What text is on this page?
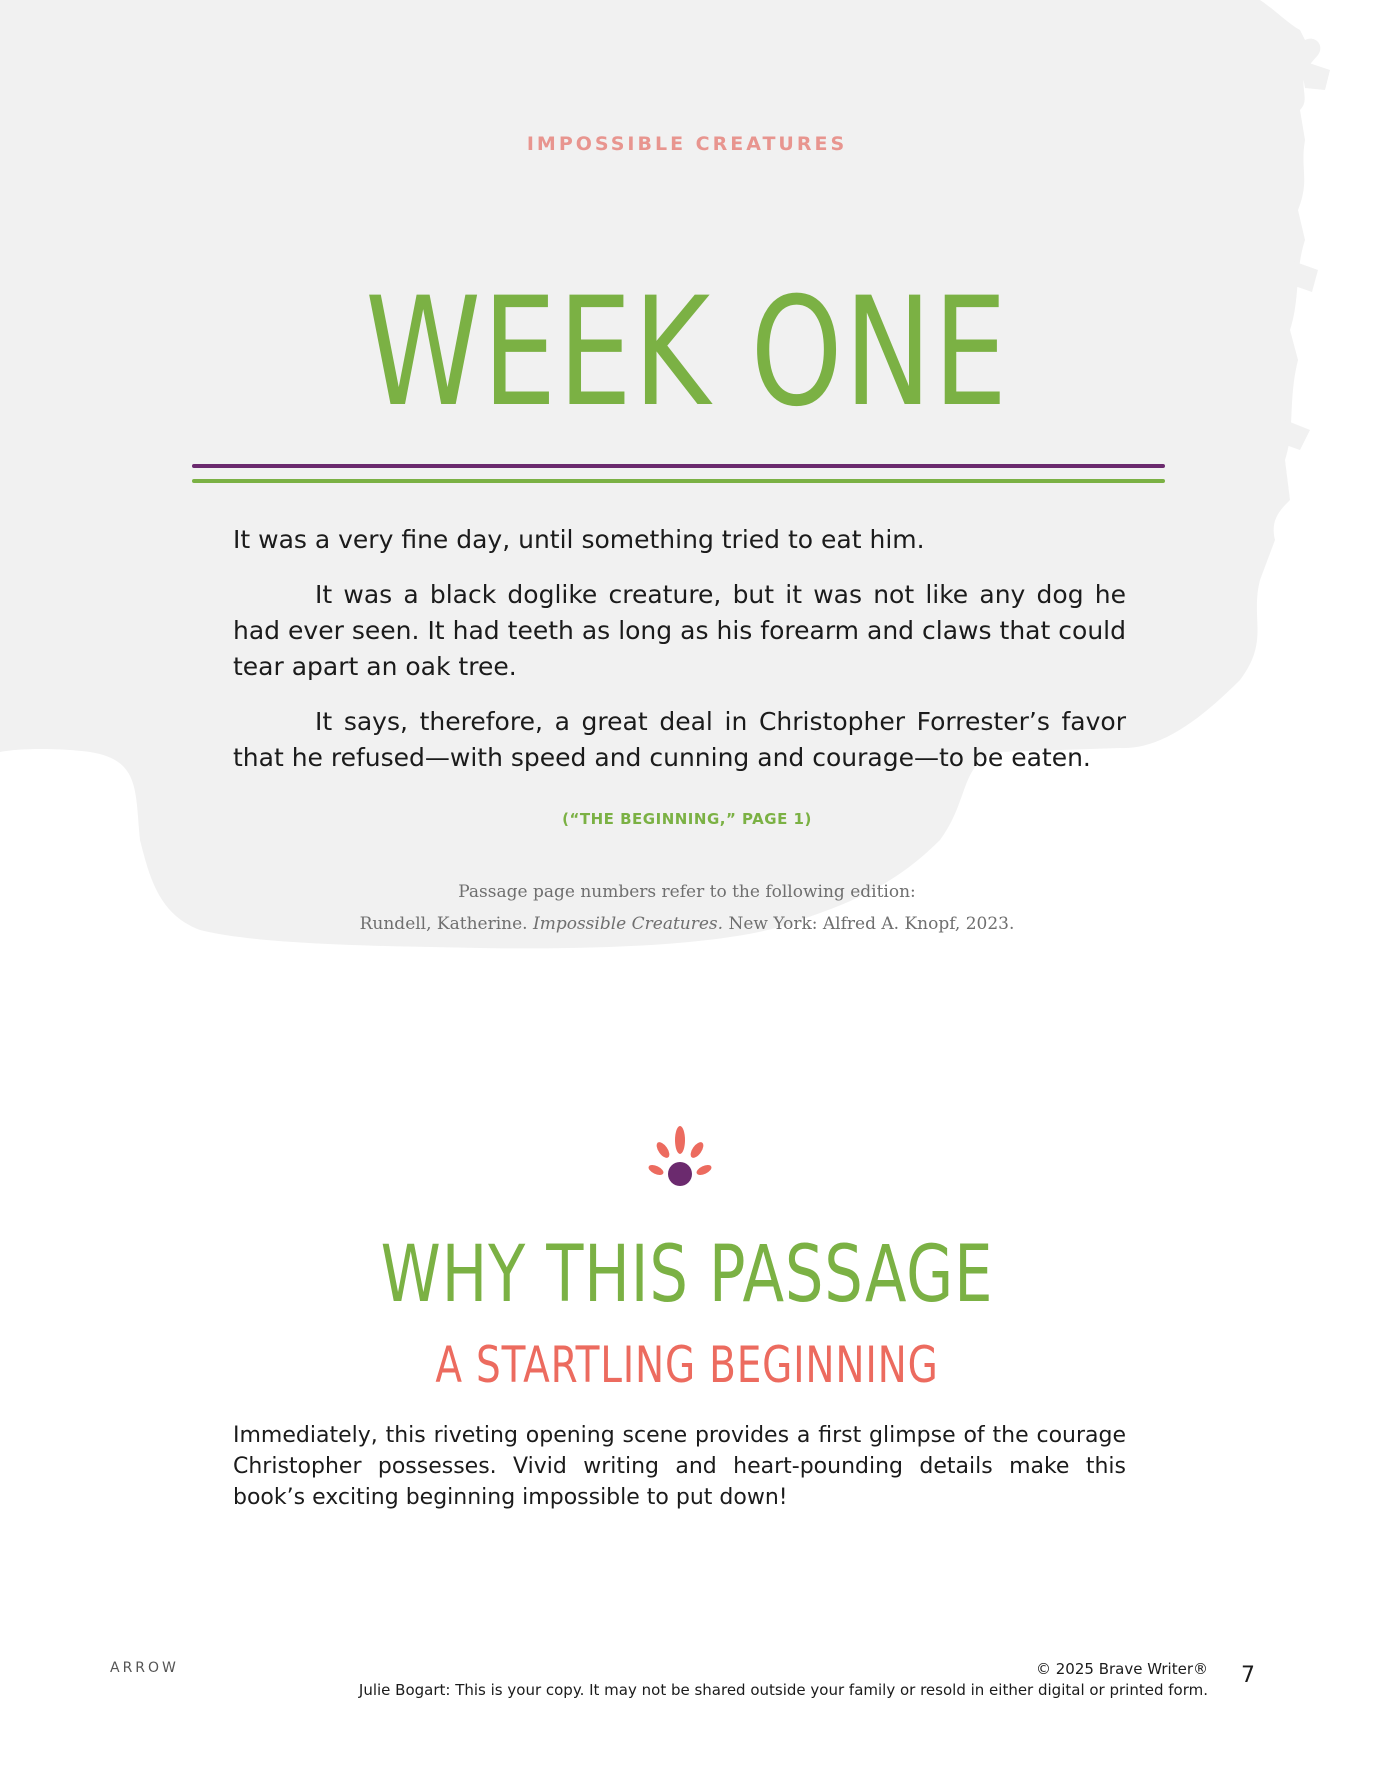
IMPOSSIBLE CREATURES
WEEK ONE

It was a very fine day, until something tried to eat him.

It was a black doglike creature, but it was not like any dog he had ever seen. It had teeth as long as his forearm and claws that could tear apart an oak tree.

It says, therefore, a great deal in Christopher Forrester’s favor that he refused—with speed and cunning and courage—to be eaten.

(“THE BEGINNING,” PAGE 1)
Passage page numbers refer to the following edition:
Rundell, Katherine. Impossible Creatures. New York: Alfred A. Knopf, 2023.
WHY THIS PASSAGE
A STARTLING BEGINNING

Immediately, this riveting opening scene provides a first glimpse of the courage Christopher possesses. Vivid writing and heart-pounding details make this book’s exciting beginning impossible to put down!

ARROW	© 2025 Brave Writer®
Julie Bogart: This is your copy. It may not be shared outside your family or resold in either digital or printed form.
7
